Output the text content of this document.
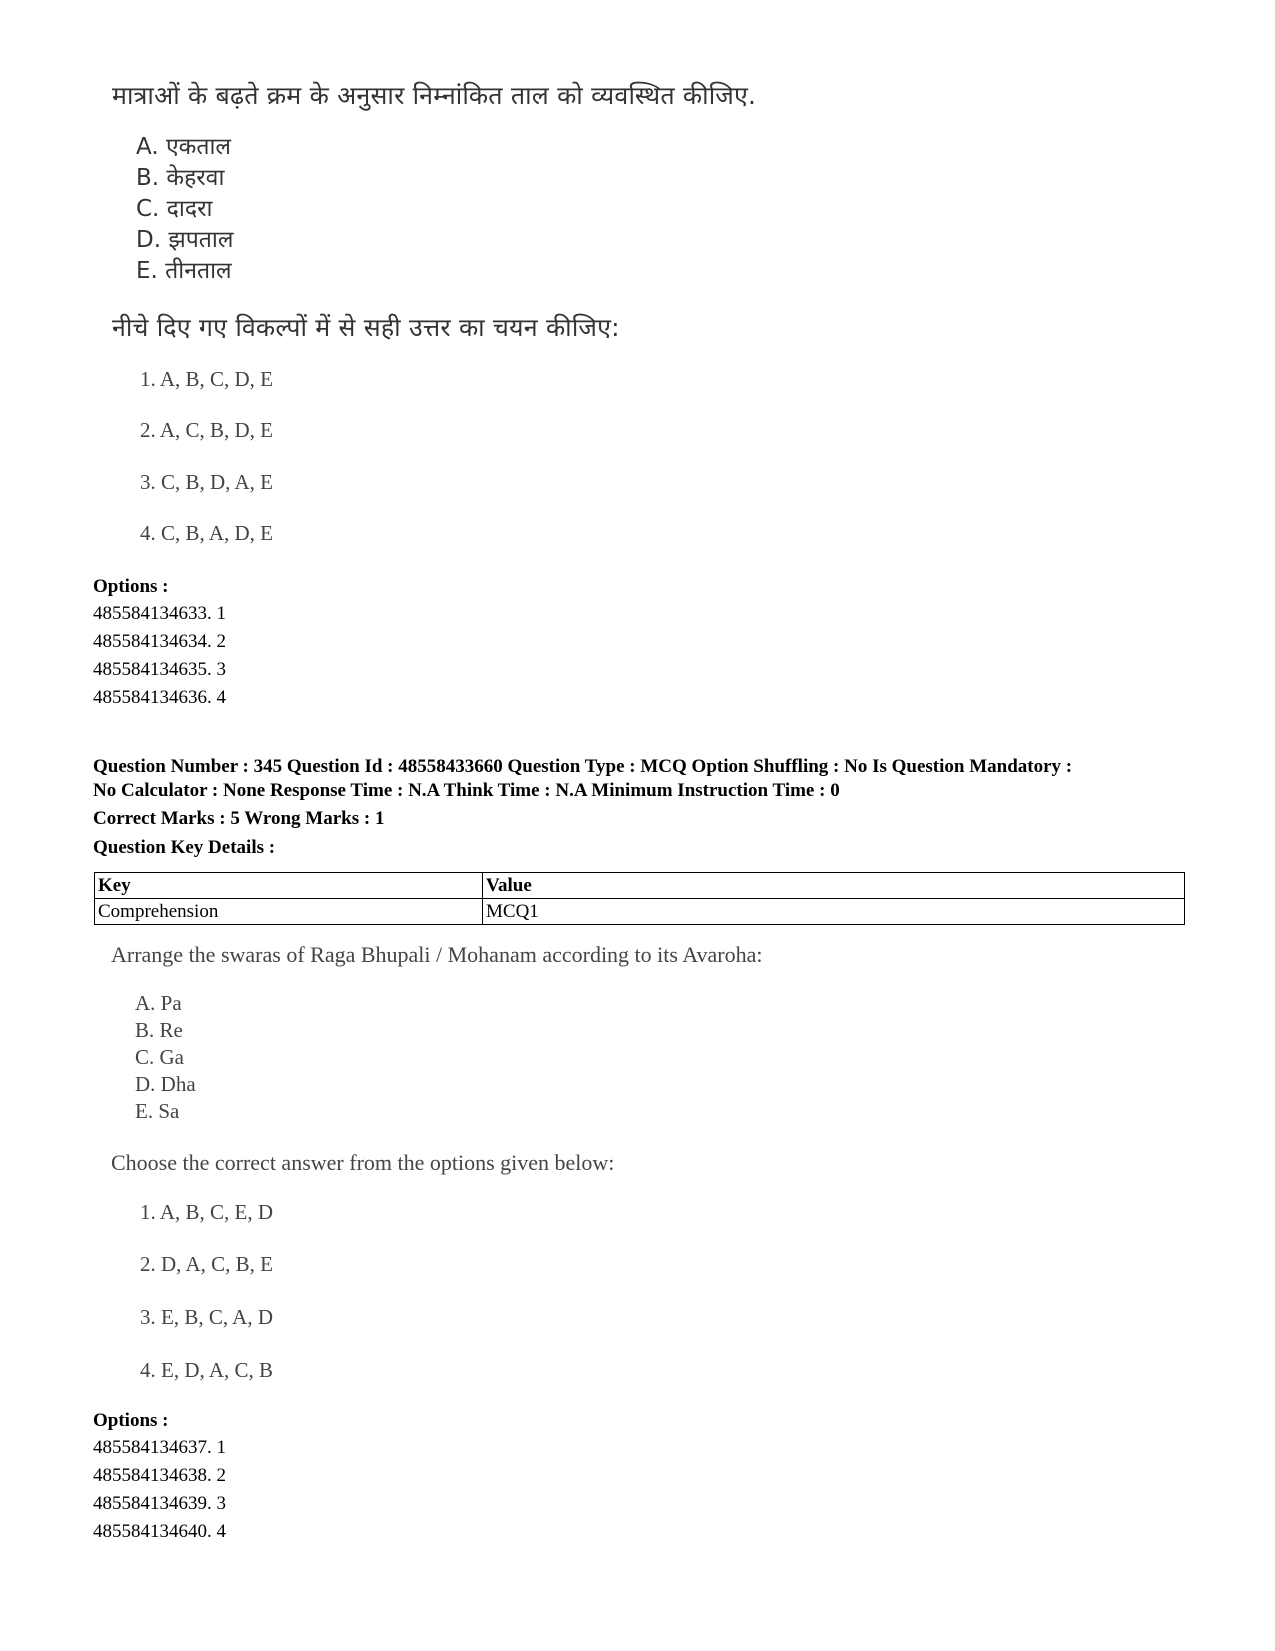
मात्राओं के बढ़ते क्रम के अनुसार निम्नांकित ताल को व्यवस्थित कीजिए.
A. एकताल
B. केहरवा
C. दादरा
D. झपताल
E. तीनताल
नीचे दिए गए विकल्पों में से सही उत्तर का चयन कीजिए:
1. A, B, C, D, E
2. A, C, B, D, E
3. C, B, D, A, E
4. C, B, A, D, E
Options :
485584134633. 1
485584134634. 2
485584134635. 3
485584134636. 4
Question Number : 345 Question Id : 48558433660 Question Type : MCQ Option Shuffling : No Is Question Mandatory :
No Calculator : None Response Time : N.A Think Time : N.A Minimum Instruction Time : 0
Correct Marks : 5 Wrong Marks : 1
Question Key Details :
Key	Value
Comprehension	MCQ1
Arrange the swaras of Raga Bhupali / Mohanam according to its Avaroha:
A. Pa
B. Re
C. Ga
D. Dha
E. Sa
Choose the correct answer from the options given below:
1. A, B, C, E, D
2. D, A, C, B, E
3. E, B, C, A, D
4. E, D, A, C, B
Options :
485584134637. 1
485584134638. 2
485584134639. 3
485584134640. 4
